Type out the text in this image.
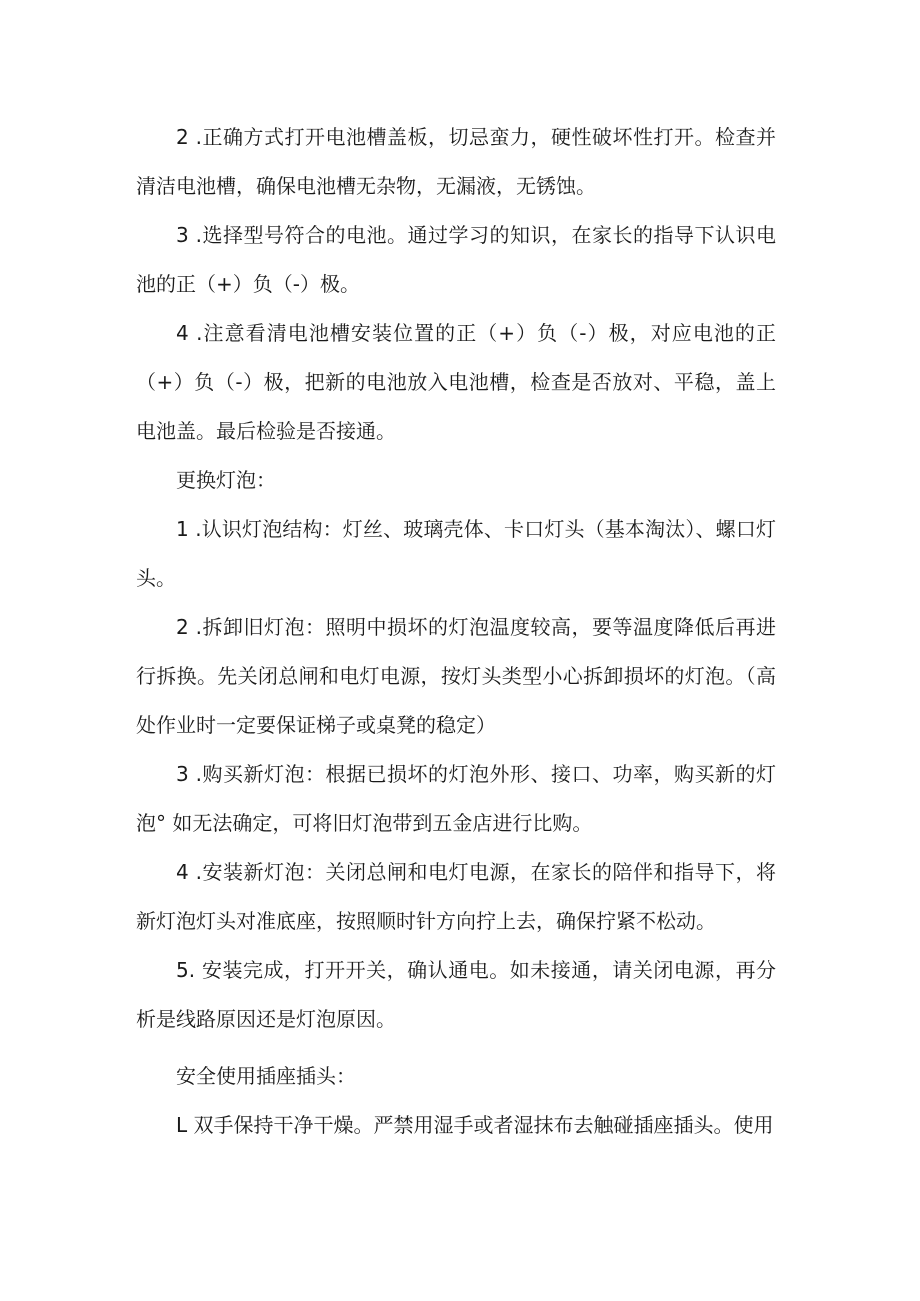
2 .正确方式打开电池槽盖板，切忌蛮力，硬性破坏性打开。检查并清洁电池槽，确保电池槽无杂物，无漏液，无锈蚀。

3 .选择型号符合的电池。通过学习的知识，在家长的指导下认识电池的正（+）负（-）极。

4 .注意看清电池槽安装位置的正（+）负（-）极，对应电池的正（+）负（-）极，把新的电池放入电池槽，检查是否放对、平稳，盖上电池盖。最后检验是否接通。

更换灯泡：

1 .认识灯泡结构：灯丝、玻璃壳体、卡口灯头（基本淘汰）、螺口灯头。

2 .拆卸旧灯泡：照明中损坏的灯泡温度较高，要等温度降低后再进行拆换。先关闭总闸和电灯电源，按灯头类型小心拆卸损坏的灯泡。（高处作业时一定要保证梯子或桌凳的稳定）

3 .购买新灯泡：根据已损坏的灯泡外形、接口、功率，购买新的灯泡° 如无法确定，可将旧灯泡带到五金店进行比购。

4 .安装新灯泡：关闭总闸和电灯电源，在家长的陪伴和指导下，将新灯泡灯头对准底座，按照顺时针方向拧上去，确保拧紧不松动。

5. 安装完成，打开开关，确认通电。如未接通，请关闭电源，再分析是线路原因还是灯泡原因。

安全使用插座插头：

L 双手保持干净干燥。严禁用湿手或者湿抹布去触碰插座插头。使用
